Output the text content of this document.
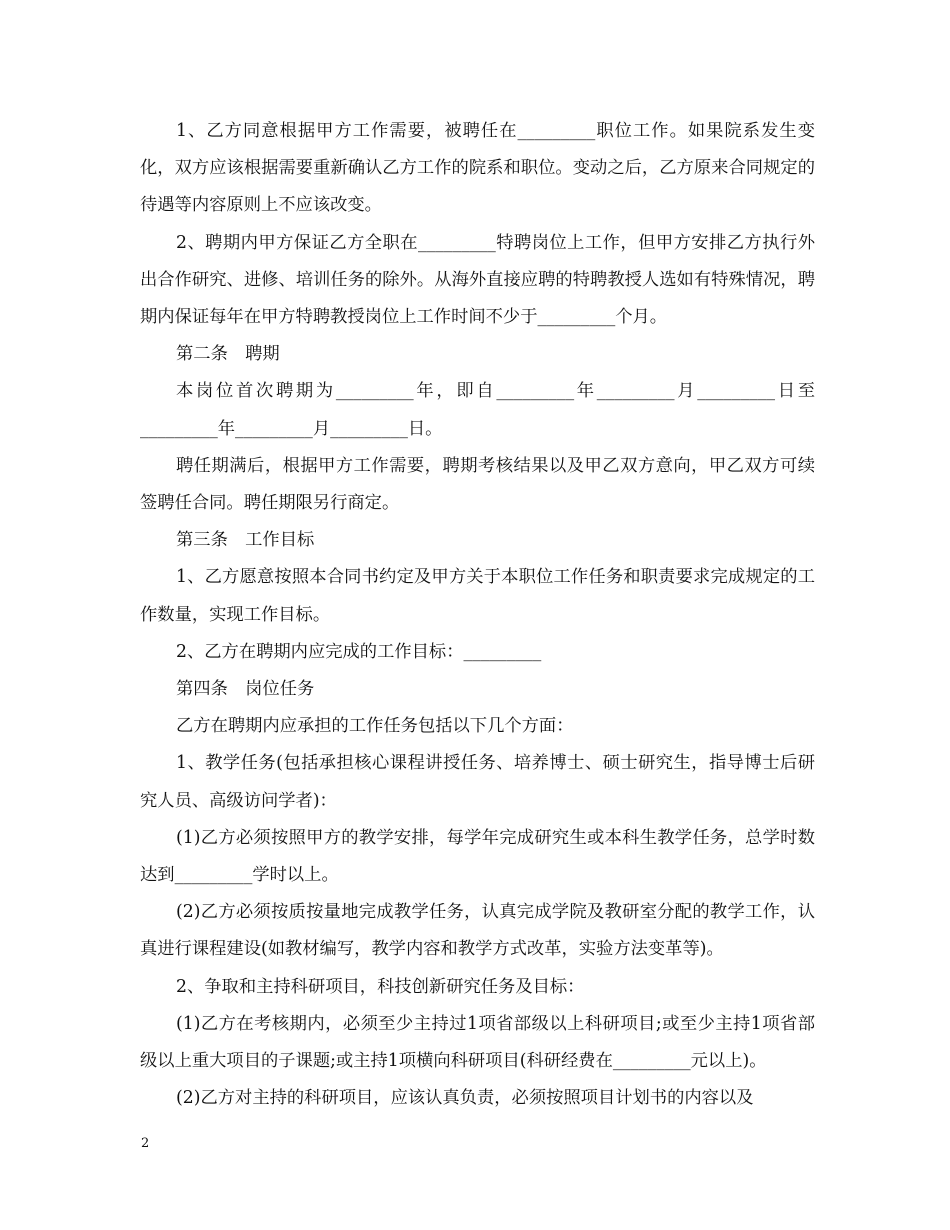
1、乙方同意根据甲方工作需要，被聘任在_________职位工作。如果院系发生变化，双方应该根据需要重新确认乙方工作的院系和职位。变动之后，乙方原来合同规定的待遇等内容原则上不应该改变。

2、聘期内甲方保证乙方全职在_________特聘岗位上工作，但甲方安排乙方执行外出合作研究、进修、培训任务的除外。从海外直接应聘的特聘教授人选如有特殊情况，聘期内保证每年在甲方特聘教授岗位上工作时间不少于_________个月。

第二条　聘期

本岗位首次聘期为_________年，即自_________年_________月_________日至_________年_________月_________日。

聘任期满后，根据甲方工作需要，聘期考核结果以及甲乙双方意向，甲乙双方可续签聘任合同。聘任期限另行商定。

第三条　工作目标

1、乙方愿意按照本合同书约定及甲方关于本职位工作任务和职责要求完成规定的工作数量，实现工作目标。

2、乙方在聘期内应完成的工作目标：_________

第四条　岗位任务

乙方在聘期内应承担的工作任务包括以下几个方面：

1、教学任务(包括承担核心课程讲授任务、培养博士、硕士研究生，指导博士后研究人员、高级访问学者)：

(1)乙方必须按照甲方的教学安排，每学年完成研究生或本科生教学任务，总学时数达到_________学时以上。

(2)乙方必须按质按量地完成教学任务，认真完成学院及教研室分配的教学工作，认真进行课程建设(如教材编写，教学内容和教学方式改革，实验方法变革等)。

2、争取和主持科研项目，科技创新研究任务及目标：

(1)乙方在考核期内，必须至少主持过1项省部级以上科研项目;或至少主持1项省部级以上重大项目的子课题;或主持1项横向科研项目(科研经费在_________元以上)。

(2)乙方对主持的科研项目，应该认真负责，必须按照项目计划书的内容以及

2
